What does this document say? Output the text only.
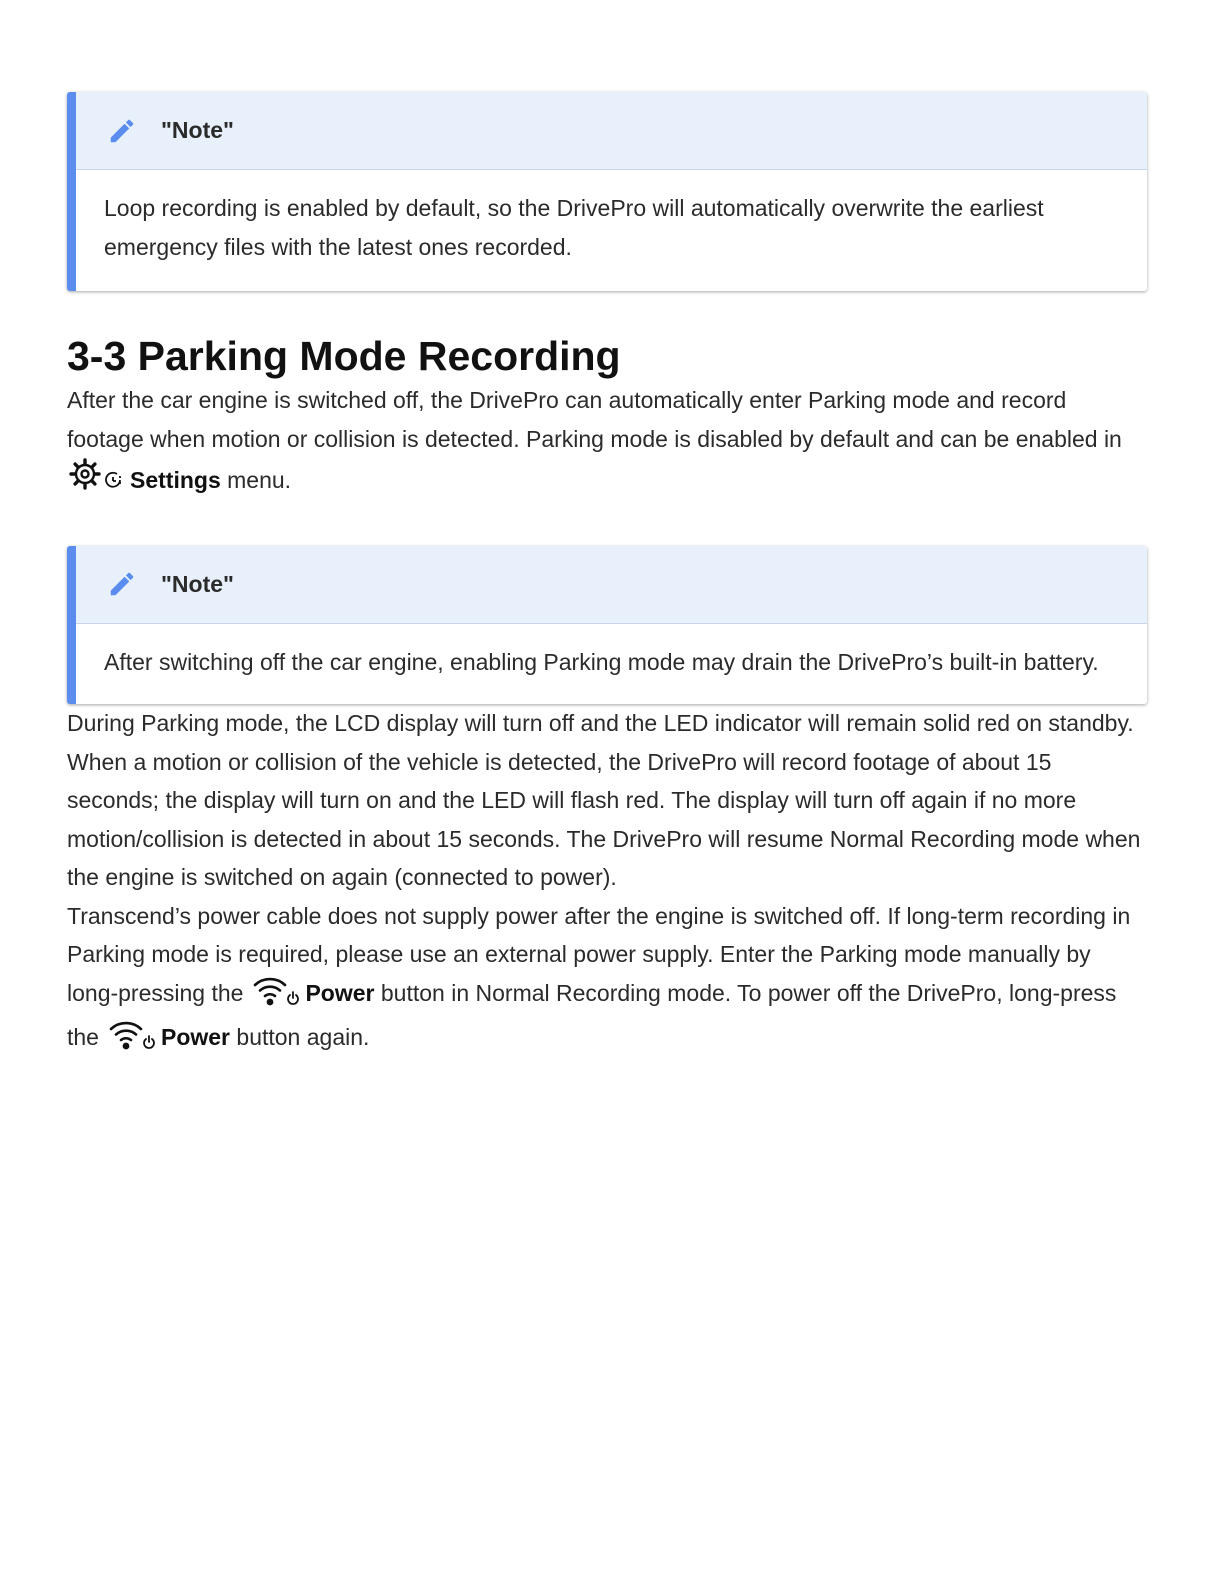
"Note"
Loop recording is enabled by default, so the DrivePro will automatically overwrite the earliest emergency files with the latest ones recorded.
3-3 Parking Mode Recording

After the car engine is switched off, the DrivePro can automatically enter Parking mode and record footage when motion or collision is detected. Parking mode is disabled by default and can be enabled in
Settings menu.

"Note"
After switching off the car engine, enabling Parking mode may drain the DrivePro’s built-in battery.

During Parking mode, the LCD display will turn off and the LED indicator will remain solid red on standby. When a motion or collision of the vehicle is detected, the DrivePro will record footage of about 15 seconds; the display will turn on and the LED will flash red. The display will turn off again if no more motion/collision is detected in about 15 seconds. The DrivePro will resume Normal Recording mode when the engine is switched on again (connected to power).

Transcend’s power cable does not supply power after the engine is switched off. If long-term recording in Parking mode is required, please use an external power supply. Enter the Parking mode manually by long-pressing the	Power button in Normal Recording mode. To power off the DrivePro, long-press the	Power button again.
